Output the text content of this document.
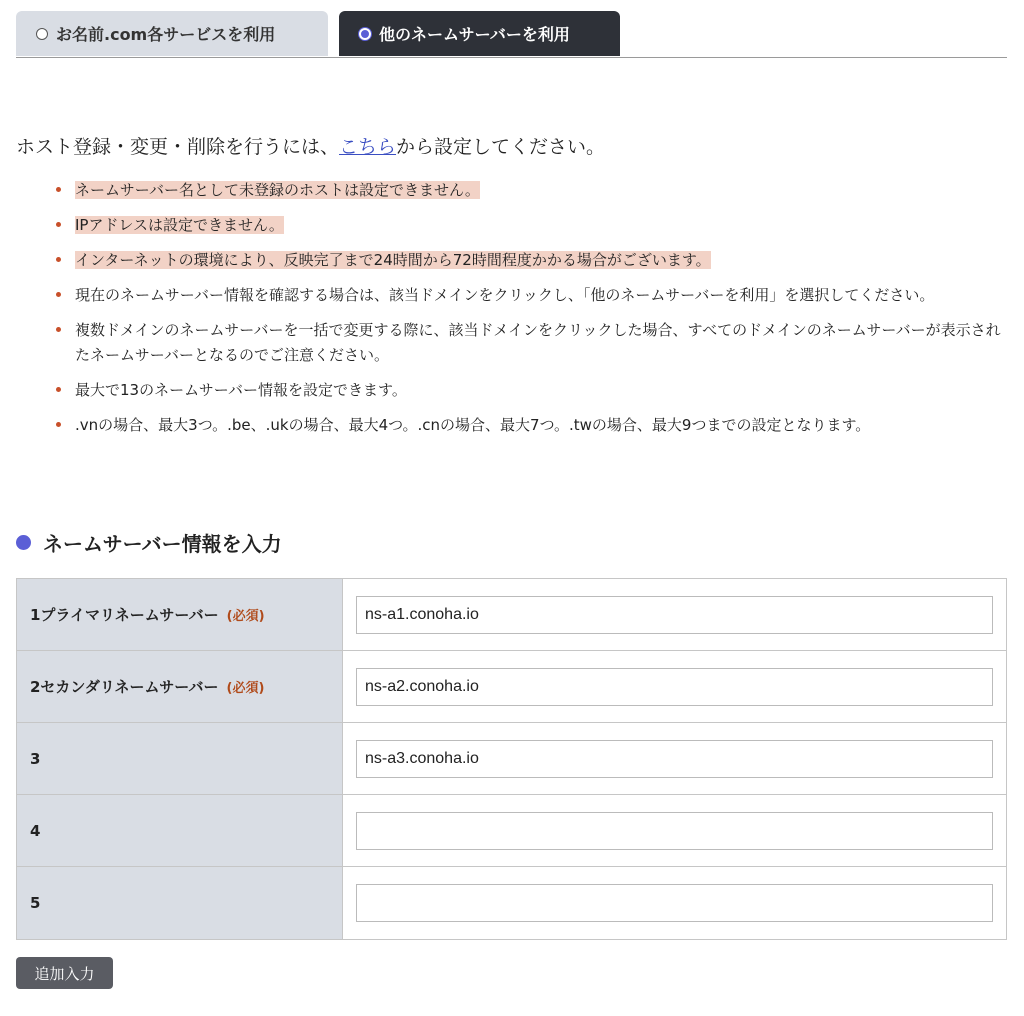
お名前.com各サービスを利用	他のネームサーバーを利用
ホスト登録・変更・削除を行うには、こちらから設定してください。
ネームサーバー名として未登録のホストは設定できません。
IPアドレスは設定できません。
インターネットの環境により、反映完了まで24時間から72時間程度かかる場合がございます。
現在のネームサーバー情報を確認する場合は、該当ドメインをクリックし、「他のネームサーバーを利用」を選択してください。
複数ドメインのネームサーバーを一括で変更する際に、該当ドメインをクリックした場合、すべてのドメインのネームサーバーが表示されたネームサーバーとなるのでご注意ください。
最大で13のネームサーバー情報を設定できます。
.vnの場合、最大3つ。.be、.ukの場合、最大4つ。.cnの場合、最大7つ。.twの場合、最大9つまでの設定となります。
ネームサーバー情報を入力
1プライマリネームサーバー (必須)
ns-a1.conoha.io
2セカンダリネームサーバー (必須)
ns-a2.conoha.io
3
ns-a3.conoha.io
4
5
追加入力
